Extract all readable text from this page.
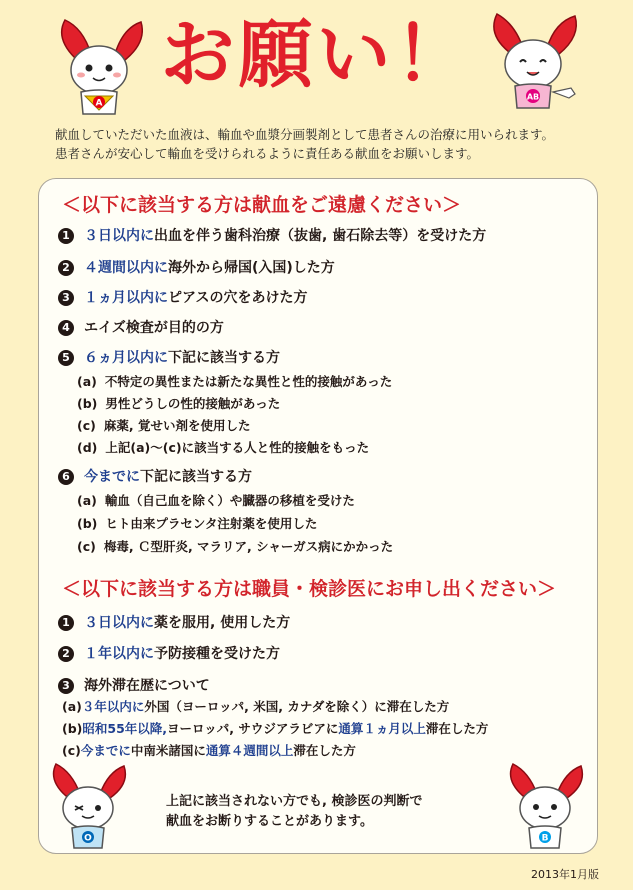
A
AB
お願い！
献血していただいた血液は、輸血や血漿分画製剤として患者さんの治療に用いられます。
患者さんが安心して輸血を受けられるように責任ある献血をお願いします。
＜以下に該当する方は献血をご遠慮ください＞
1 ３日以内に出血を伴う歯科治療（抜歯, 歯石除去等）を受けた方
2 ４週間以内に海外から帰国(入国)した方
3 １ヵ月以内にピアスの穴をあけた方
4 エイズ検査が目的の方
5 ６ヵ月以内に下記に該当する方
(a) 不特定の異性または新たな異性と性的接触があった
(b) 男性どうしの性的接触があった
(c) 麻薬, 覚せい剤を使用した
(d) 上記(a)～(c)に該当する人と性的接触をもった
6 今までに下記に該当する方
(a) 輸血（自己血を除く）や臓器の移植を受けた
(b) ヒト由来プラセンタ注射薬を使用した
(c) 梅毒, Ｃ型肝炎, マラリア, シャーガス病にかかった
＜以下に該当する方は職員・検診医にお申し出ください＞
1 ３日以内に薬を服用, 使用した方
2 １年以内に予防接種を受けた方
3 海外滞在歴について
(a)３年以内に外国（ヨーロッパ, 米国, カナダを除く）に滞在した方
(b)昭和55年以降,ヨーロッパ, サウジアラビアに通算１ヵ月以上滞在した方
(c)今までに中南米諸国に通算４週間以上滞在した方
O
上記に該当されない方でも, 検診医の判断で
献血をお断りすることがあります。
B
2013年1月版
